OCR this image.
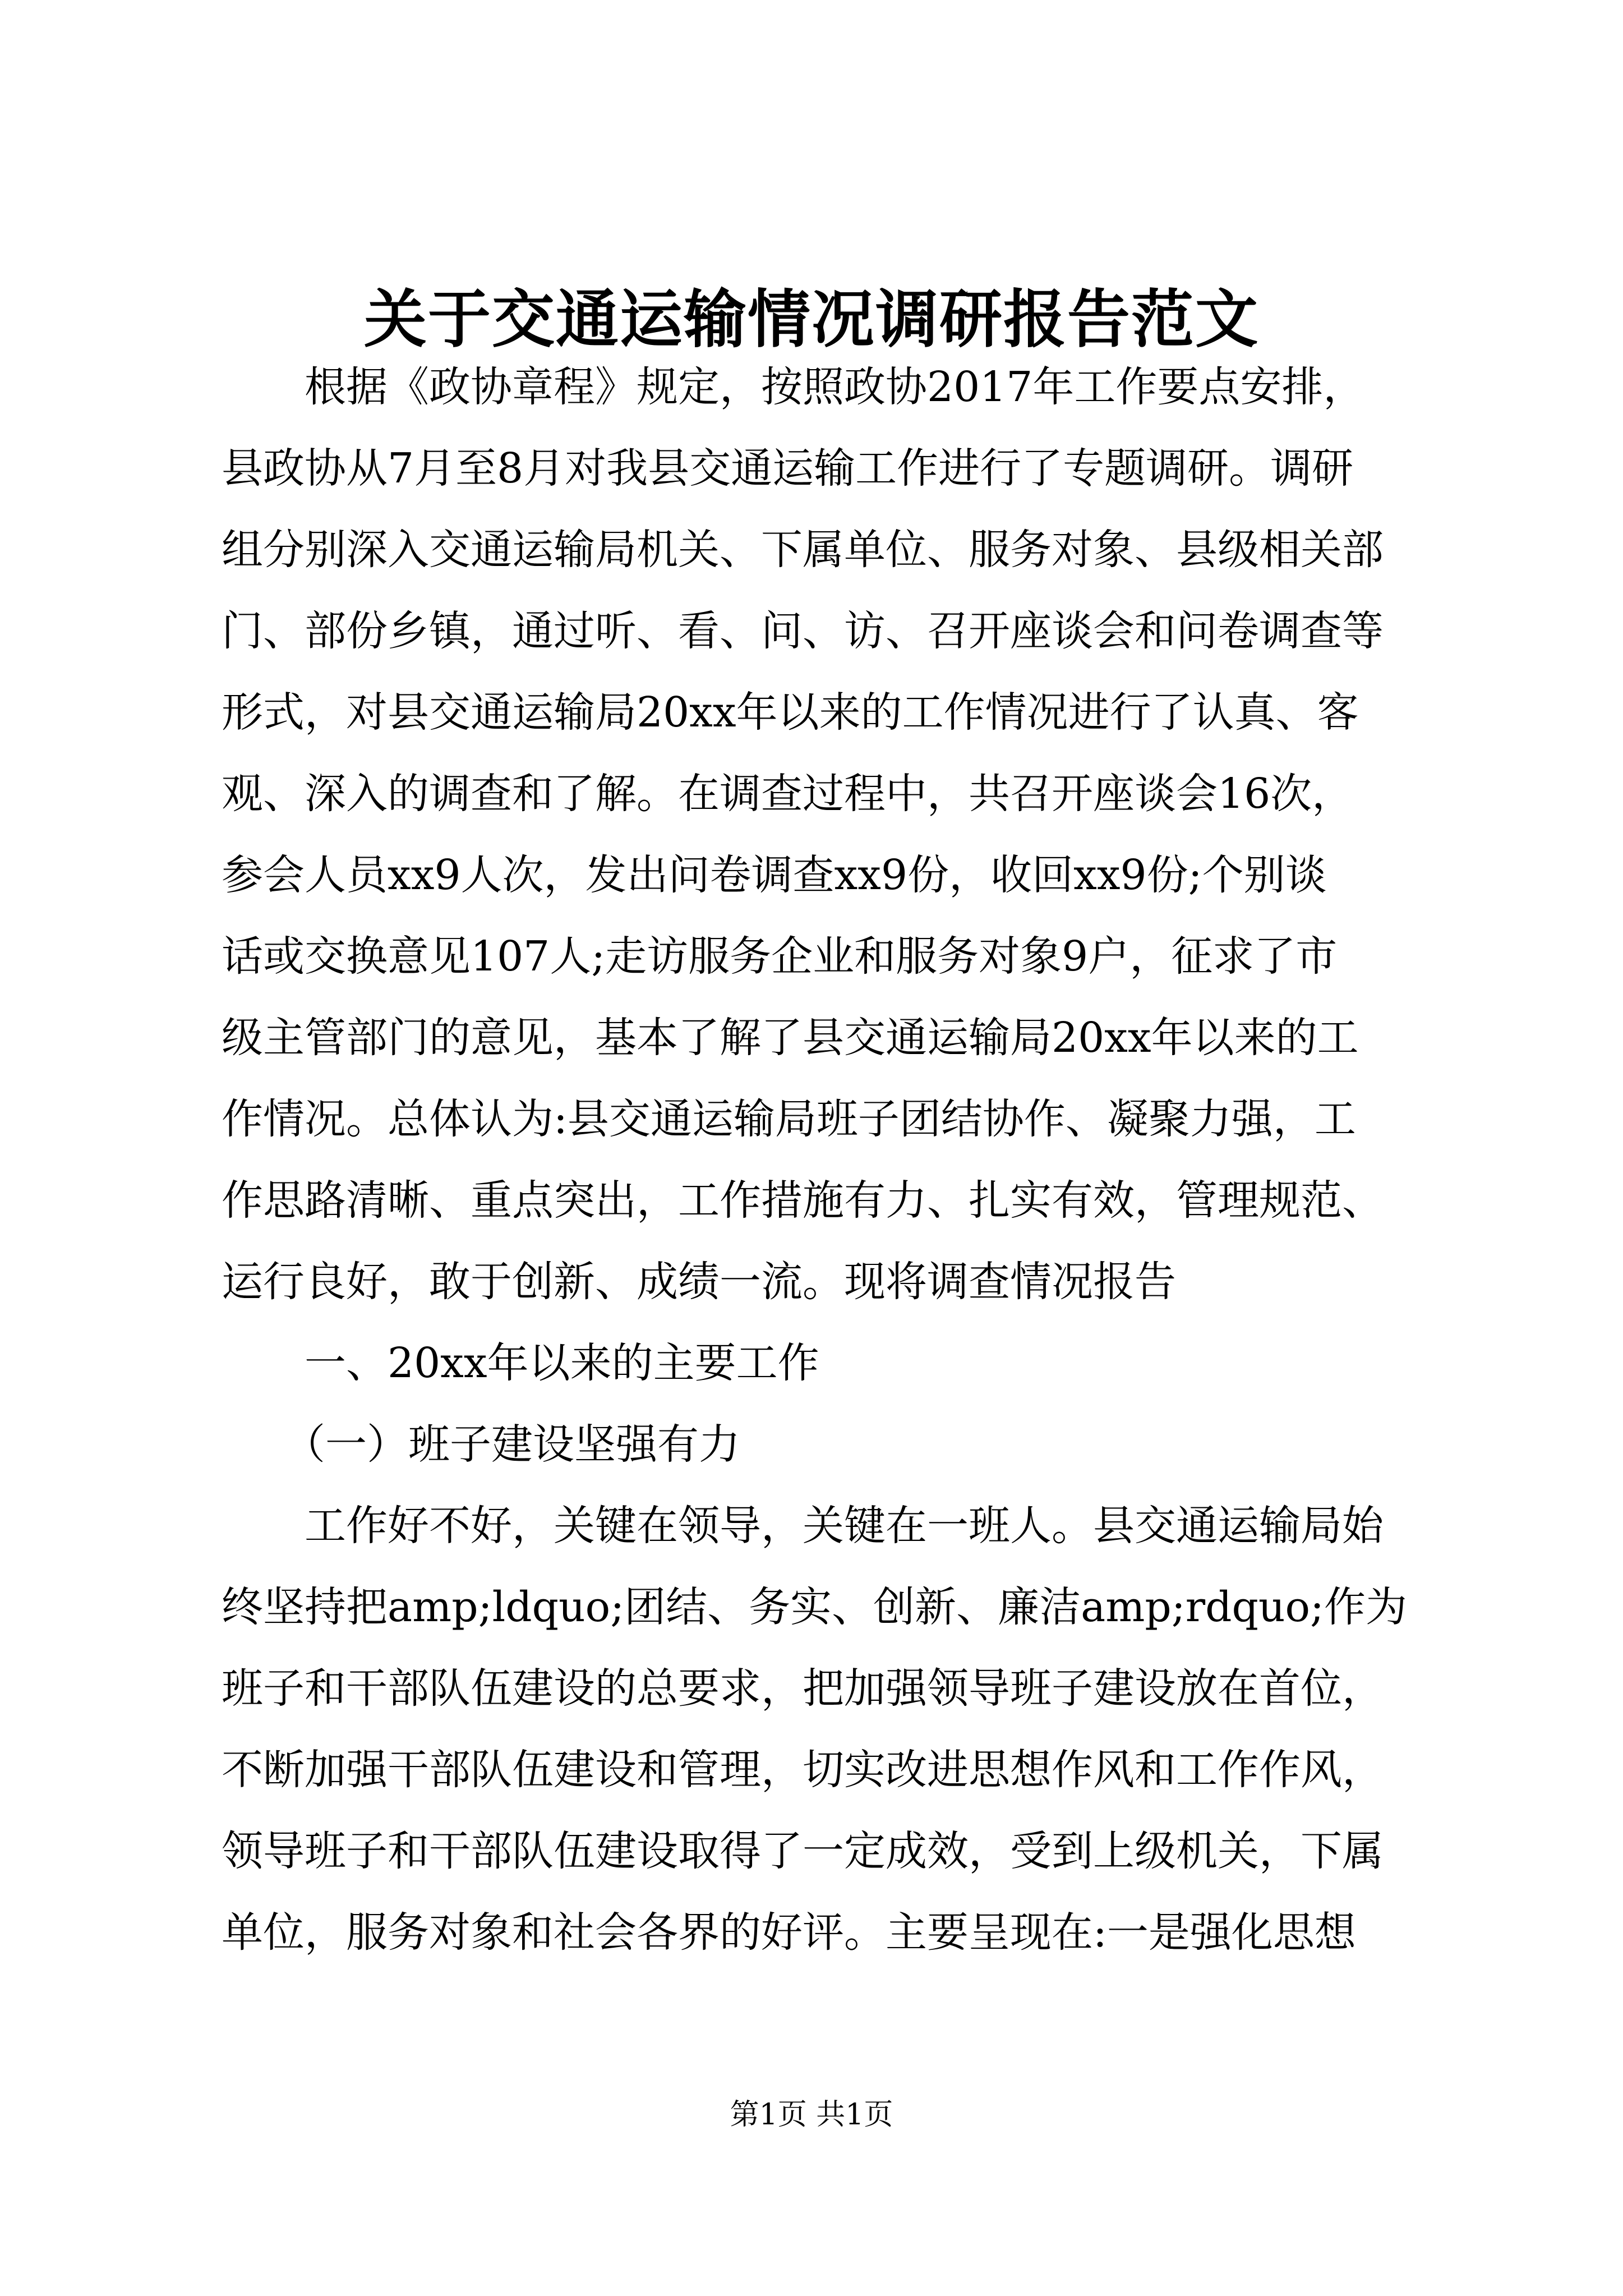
关于交通运输情况调研报告范文
　　根据《政协章程》规定，按照政协2017年工作要点安排，
县政协从7月至8月对我县交通运输工作进行了专题调研。调研
组分别深入交通运输局机关、下属单位、服务对象、县级相关部
门、部份乡镇，通过听、看、问、访、召开座谈会和问卷调查等
形式，对县交通运输局20xx年以来的工作情况进行了认真、客
观、深入的调查和了解。在调查过程中，共召开座谈会16次，
参会人员xx9人次，发出问卷调查xx9份，收回xx9份;个别谈
话或交换意见107人;走访服务企业和服务对象9户，征求了市
级主管部门的意见，基本了解了县交通运输局20xx年以来的工
作情况。总体认为:县交通运输局班子团结协作、凝聚力强，工
作思路清晰、重点突出，工作措施有力、扎实有效，管理规范、
运行良好，敢于创新、成绩一流。现将调查情况报告
　　一、20xx年以来的主要工作
　　（一）班子建设坚强有力
　　工作好不好，关键在领导，关键在一班人。县交通运输局始
终坚持把amp;ldquo;团结、务实、创新、廉洁amp;rdquo;作为
班子和干部队伍建设的总要求，把加强领导班子建设放在首位，
不断加强干部队伍建设和管理，切实改进思想作风和工作作风，
领导班子和干部队伍建设取得了一定成效，受到上级机关，下属
单位，服务对象和社会各界的好评。主要呈现在:一是强化思想
第1页 共1页
